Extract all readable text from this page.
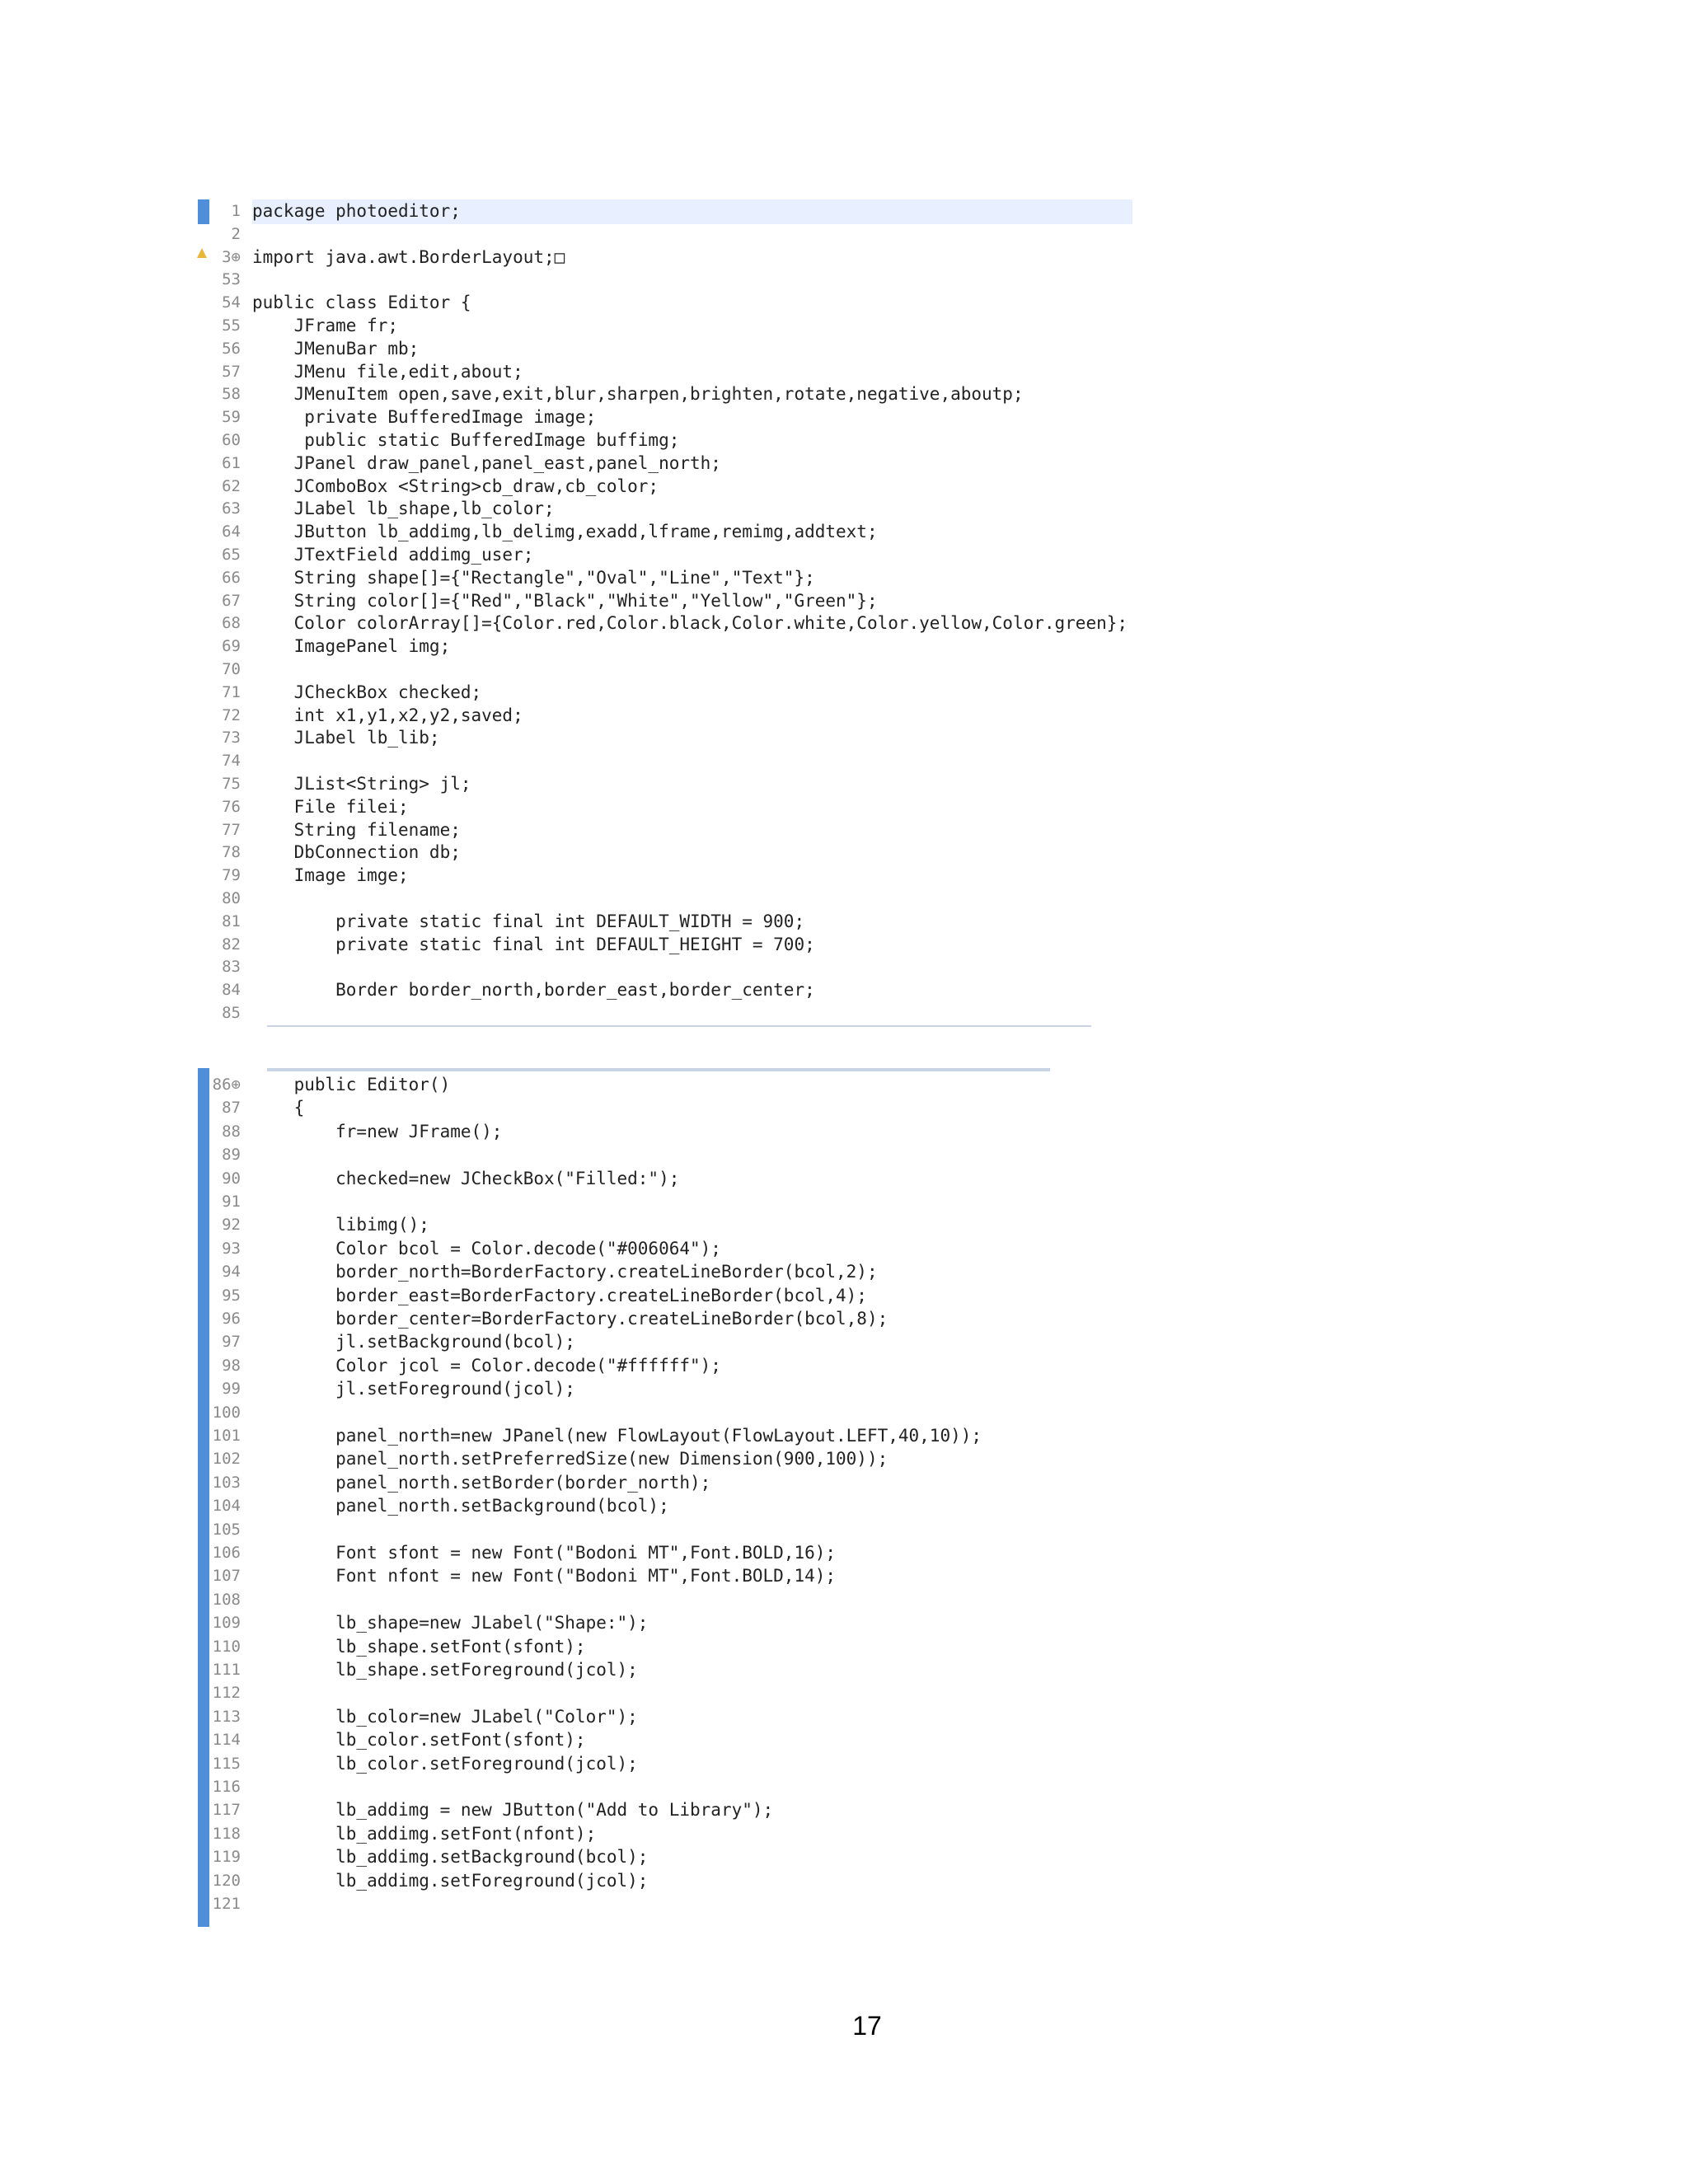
1 package photoeditor;
2
3⊕ import java.awt.BorderLayout;□
53
54 public class Editor {
55 JFrame fr;
56 JMenuBar mb;
57 JMenu file,edit,about;
58 JMenuItem open,save,exit,blur,sharpen,brighten,rotate,negative,aboutp;
59 private BufferedImage image;
60 public static BufferedImage buffimg;
61 JPanel draw_panel,panel_east,panel_north;
62 JComboBox <String>cb_draw,cb_color;
63 JLabel lb_shape,lb_color;
64 JButton lb_addimg,lb_delimg,exadd,lframe,remimg,addtext;
65 JTextField addimg_user;
66 String shape[]={"Rectangle","Oval","Line","Text"};
67 String color[]={"Red","Black","White","Yellow","Green"};
68 Color colorArray[]={Color.red,Color.black,Color.white,Color.yellow,Color.green};
69 ImagePanel img;
70
71 JCheckBox checked;
72 int x1,y1,x2,y2,saved;
73 JLabel lb_lib;
74
75 JList<String> jl;
76 File filei;
77 String filename;
78 DbConnection db;
79 Image imge;
80
81 private static final int DEFAULT_WIDTH = 900;
82 private static final int DEFAULT_HEIGHT = 700;
83
84 Border border_north,border_east,border_center;
85
86⊕ public Editor()
87 {
88 fr=new JFrame();
89
90 checked=new JCheckBox("Filled:");
91
92 libimg();
93 Color bcol = Color.decode("#006064");
94 border_north=BorderFactory.createLineBorder(bcol,2);
95 border_east=BorderFactory.createLineBorder(bcol,4);
96 border_center=BorderFactory.createLineBorder(bcol,8);
97 jl.setBackground(bcol);
98 Color jcol = Color.decode("#ffffff");
99 jl.setForeground(jcol);
100
101 panel_north=new JPanel(new FlowLayout(FlowLayout.LEFT,40,10));
102 panel_north.setPreferredSize(new Dimension(900,100));
103 panel_north.setBorder(border_north);
104 panel_north.setBackground(bcol);
105
106 Font sfont = new Font("Bodoni MT",Font.BOLD,16);
107 Font nfont = new Font("Bodoni MT",Font.BOLD,14);
108
109 lb_shape=new JLabel("Shape:");
110 lb_shape.setFont(sfont);
111 lb_shape.setForeground(jcol);
112
113 lb_color=new JLabel("Color");
114 lb_color.setFont(sfont);
115 lb_color.setForeground(jcol);
116
117 lb_addimg = new JButton("Add to Library");
118 lb_addimg.setFont(nfont);
119 lb_addimg.setBackground(bcol);
120 lb_addimg.setForeground(jcol);
121
17
